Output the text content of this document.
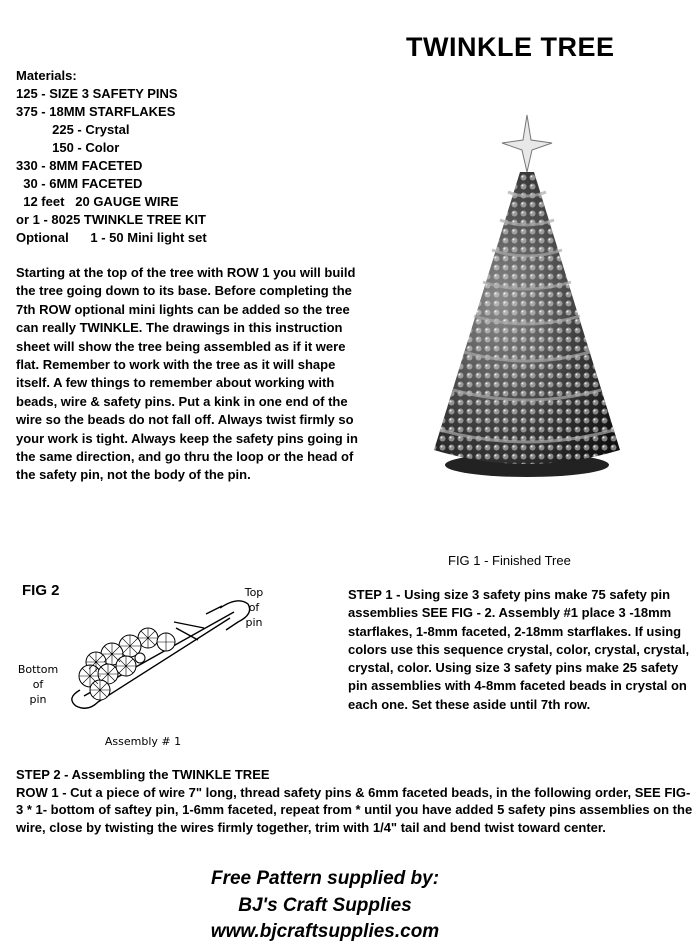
TWINKLE TREE
Materials:
125 - SIZE 3 SAFETY PINS
375 - 18MM STARFLAKES
225 - Crystal
150 - Color
330 - 8MM FACETED
30 - 6MM FACETED
12 feet   20 GAUGE WIRE
or 1 - 8025 TWINKLE TREE KIT
Optional      1 - 50 Mini light set
Starting at the top of the tree with ROW 1 you will build the tree going down to its base. Before completing the 7th ROW optional mini lights can be added so the tree can really TWINKLE. The drawings in this instruction sheet will show the tree being assembled as if it were flat. Remember to work with the tree as it will shape itself. A few things to remember about working with beads, wire & safety pins. Put a kink in one end of the wire so the beads do not fall off. Always twist firmly so your work is tight. Always keep the safety pins going in the same direction, and go thru the loop or the head of the safety pin, not the body of the pin.
FIG 1 - Finished Tree
FIG 2	Top
of
pin
Bottom
of
pin
Assembly # 1
STEP 1 - Using size 3 safety pins make 75 safety pin assemblies SEE FIG - 2. Assembly #1 place 3 -18mm starflakes, 1-8mm faceted, 2-18mm starflakes. If using colors use this sequence crystal, color, crystal, crystal, crystal, color. Using size 3 safety pins make 25 safety pin assemblies with 4-8mm faceted beads in crystal on each one. Set these aside until 7th row.
STEP 2 - Assembling the TWINKLE TREE
ROW 1 - Cut a piece of wire 7" long, thread safety pins & 6mm faceted beads, in the following order, SEE FIG- 3 * 1- bottom of saftey pin, 1-6mm faceted, repeat from * until you have added 5 safety pins assemblies on the wire, close by twisting the wires firmly together, trim with 1/4" tail and bend twist toward center.
Free Pattern supplied by:
BJ's Craft Supplies
www.bjcraftsupplies.com
